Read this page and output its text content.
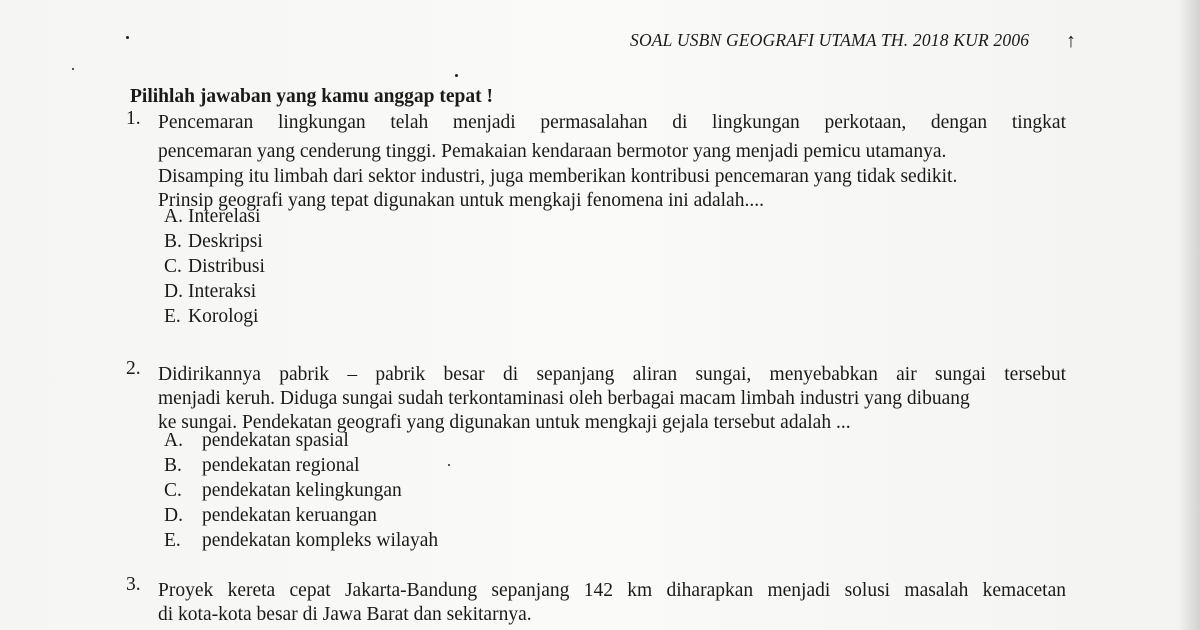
SOAL USBN GEOGRAFI UTAMA TH. 2018 KUR 2006 ↑
Pilihlah jawaban yang kamu anggap tepat !
1. Pencemaran lingkungan telah menjadi permasalahan di lingkungan perkotaan, dengan tingkat
pencemaran yang cenderung tinggi. Pemakaian kendaraan bermotor yang menjadi pemicu utamanya.
Disamping itu limbah dari sektor industri, juga memberikan kontribusi pencemaran yang tidak sedikit.
Prinsip geografi yang tepat digunakan untuk mengkaji fenomena ini adalah....
A. Interelasi
B. Deskripsi
C. Distribusi
D. Interaksi
E. Korologi
2. Didirikannya pabrik – pabrik besar di sepanjang aliran sungai, menyebabkan air sungai tersebut
menjadi keruh. Diduga sungai sudah terkontaminasi oleh berbagai macam limbah industri yang dibuang
ke sungai. Pendekatan geografi yang digunakan untuk mengkaji gejala tersebut adalah ...
A. pendekatan spasial
B. pendekatan regional
C. pendekatan kelingkungan
D. pendekatan keruangan
E. pendekatan kompleks wilayah
3. Proyek kereta cepat Jakarta-Bandung sepanjang 142 km diharapkan menjadi solusi masalah kemacetan
di kota-kota besar di Jawa Barat dan sekitarnya.
